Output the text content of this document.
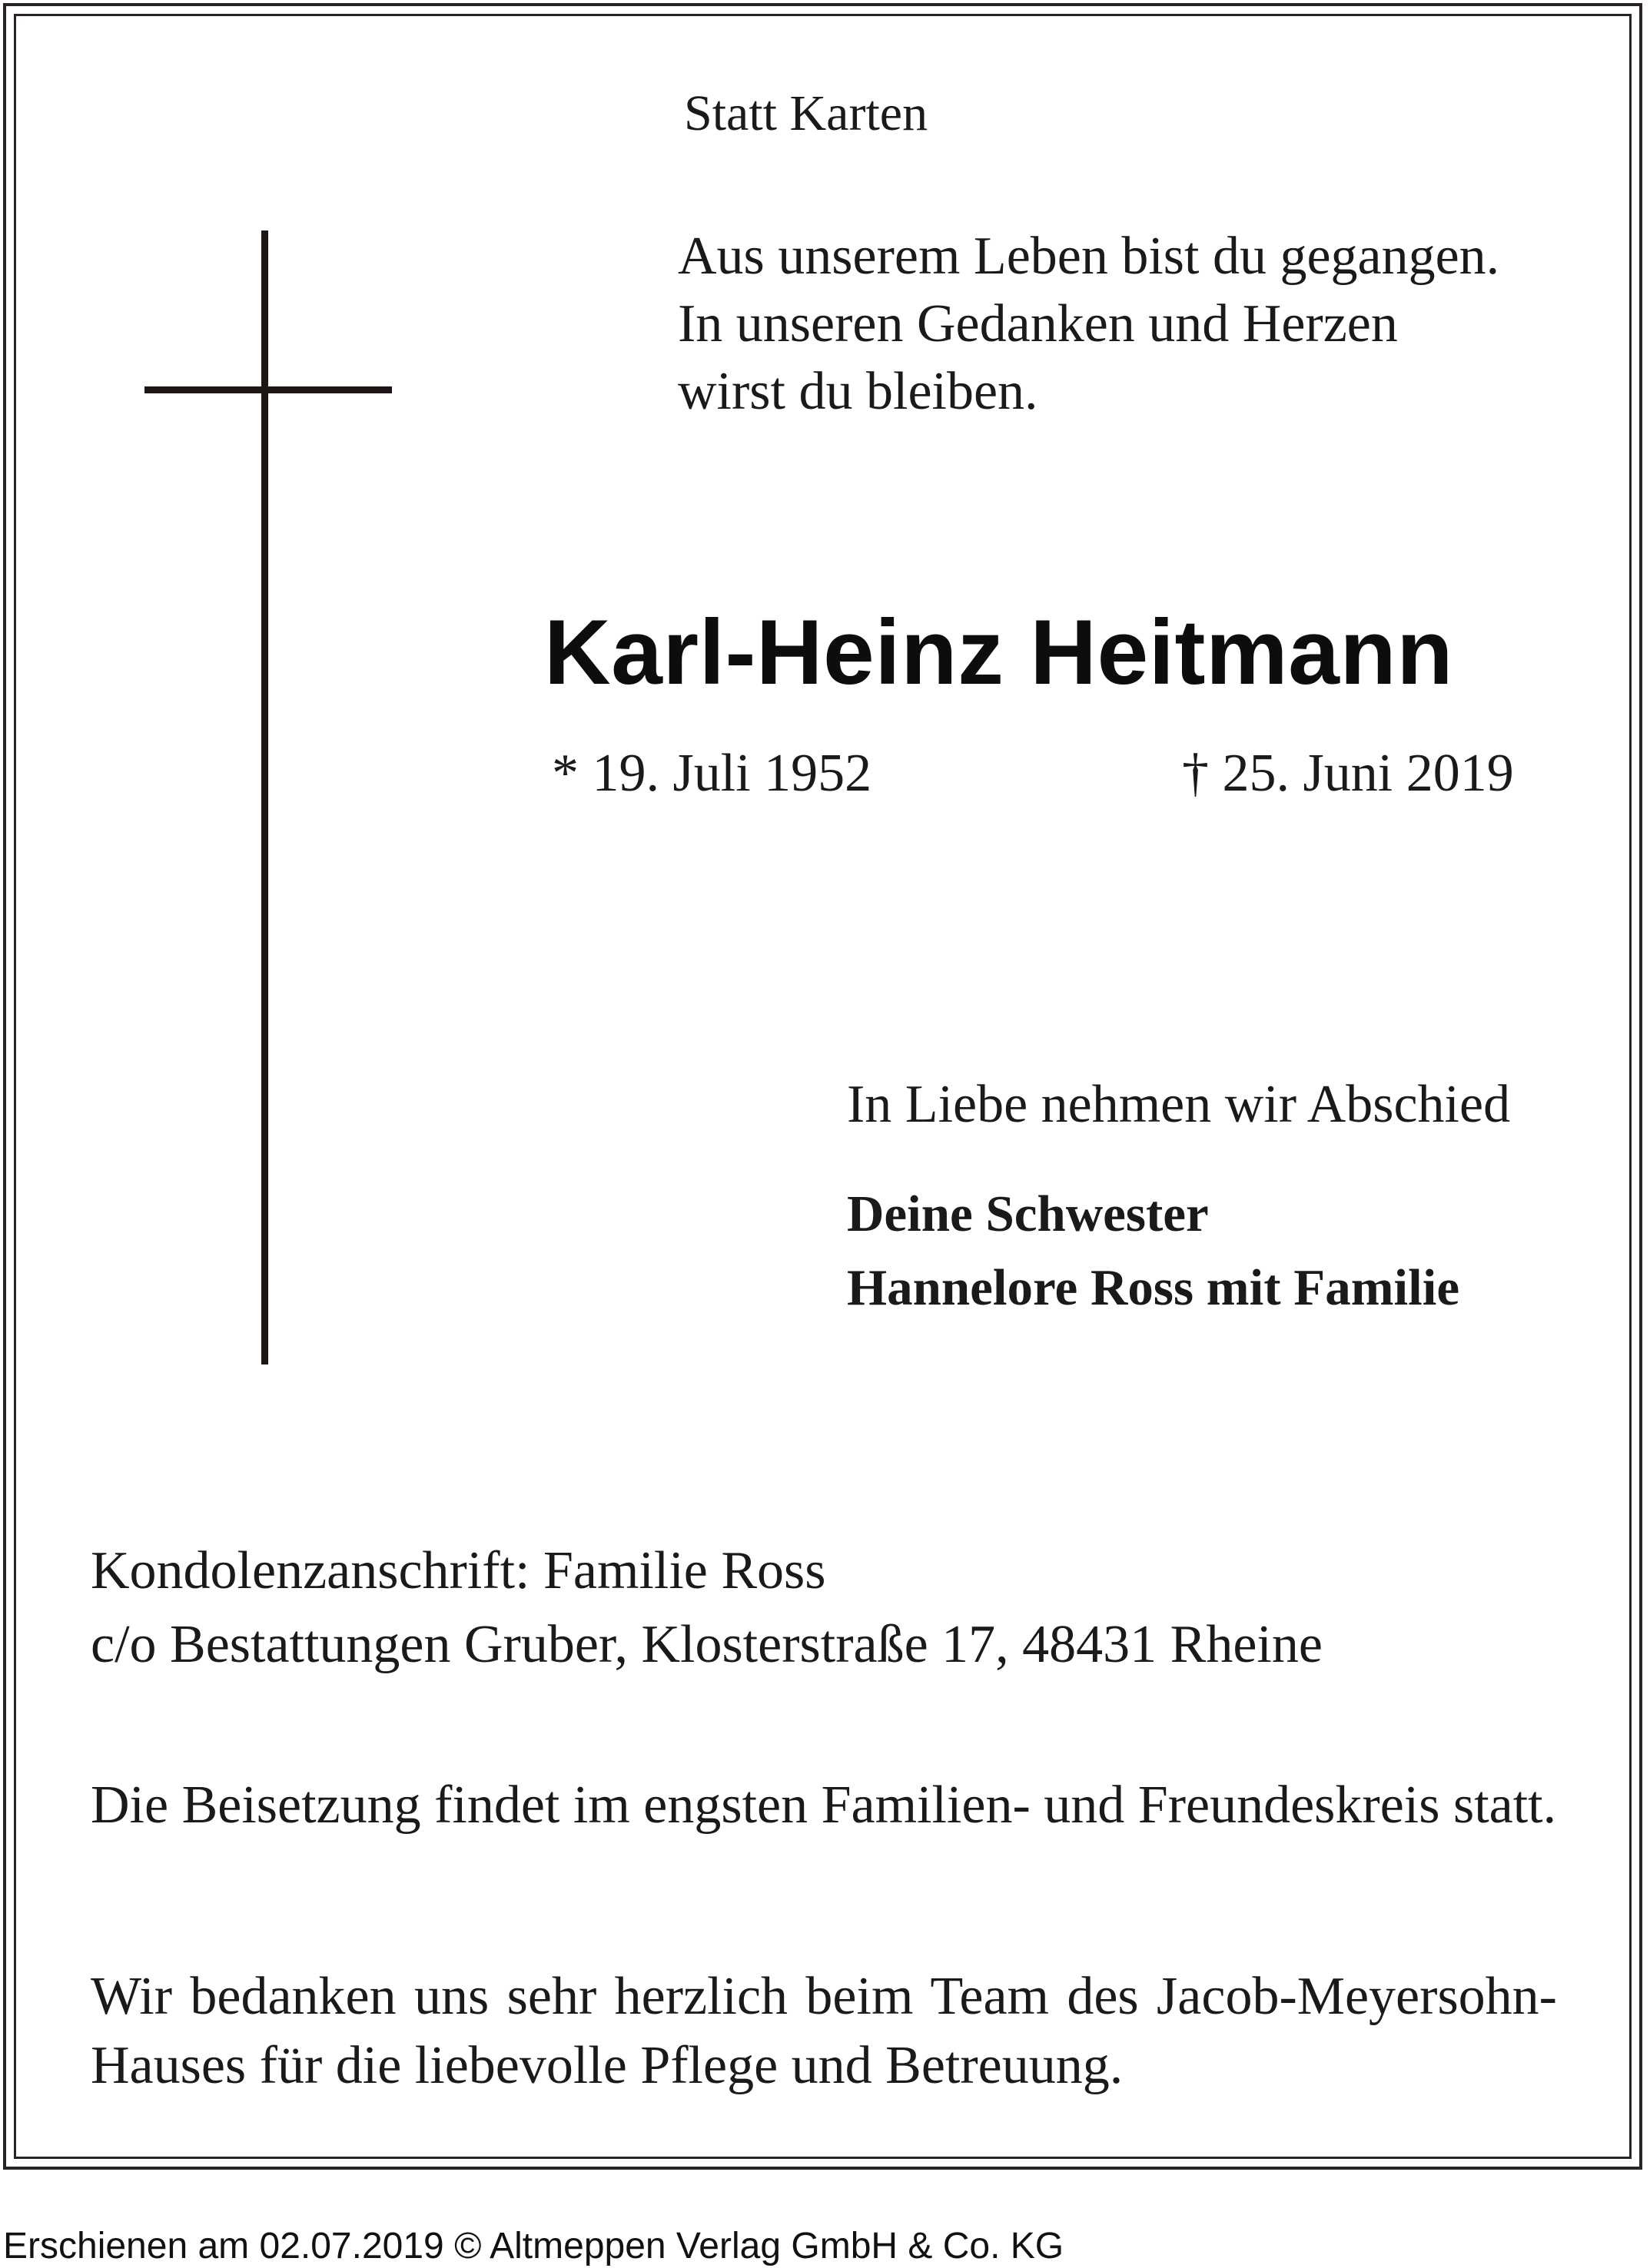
Statt Karten

Aus unserem Leben bist du gegangen.
In unseren Gedanken und Herzen
wirst du bleiben.
Karl-Heinz Heitmann

* 19. Juli 1952	† 25. Juni 2019

In Liebe nehmen wir Abschied

Deine Schwester
Hannelore Ross mit Familie
Kondolenzanschrift: Familie Ross
c/o Bestattungen Gruber, Klosterstraße 17, 48431 Rheine

Die Beisetzung findet im engsten Familien- und Freundeskreis statt.

Wir bedanken uns sehr herzlich beim Team des Jacob-Meyersohn-Hauses für die liebevolle Pflege und Betreuung.

Erschienen am 02.07.2019 © Altmeppen Verlag GmbH & Co. KG
